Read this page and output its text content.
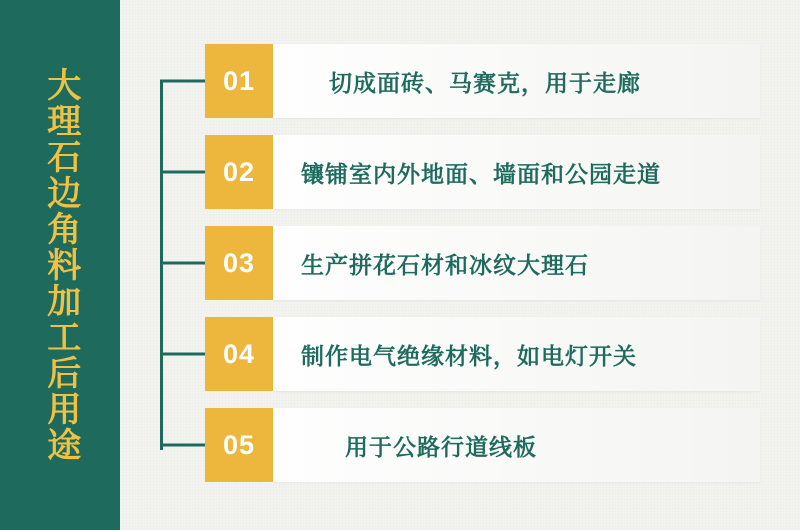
大理石边角料加工后用途	01	切成面砖、马赛克，用于走廊
02 镶铺室内外地面、墙面和公园走道
03 生产拼花石材和冰纹大理石
04 制作电气绝缘材料，如电灯开关
05	用于公路行道线板
